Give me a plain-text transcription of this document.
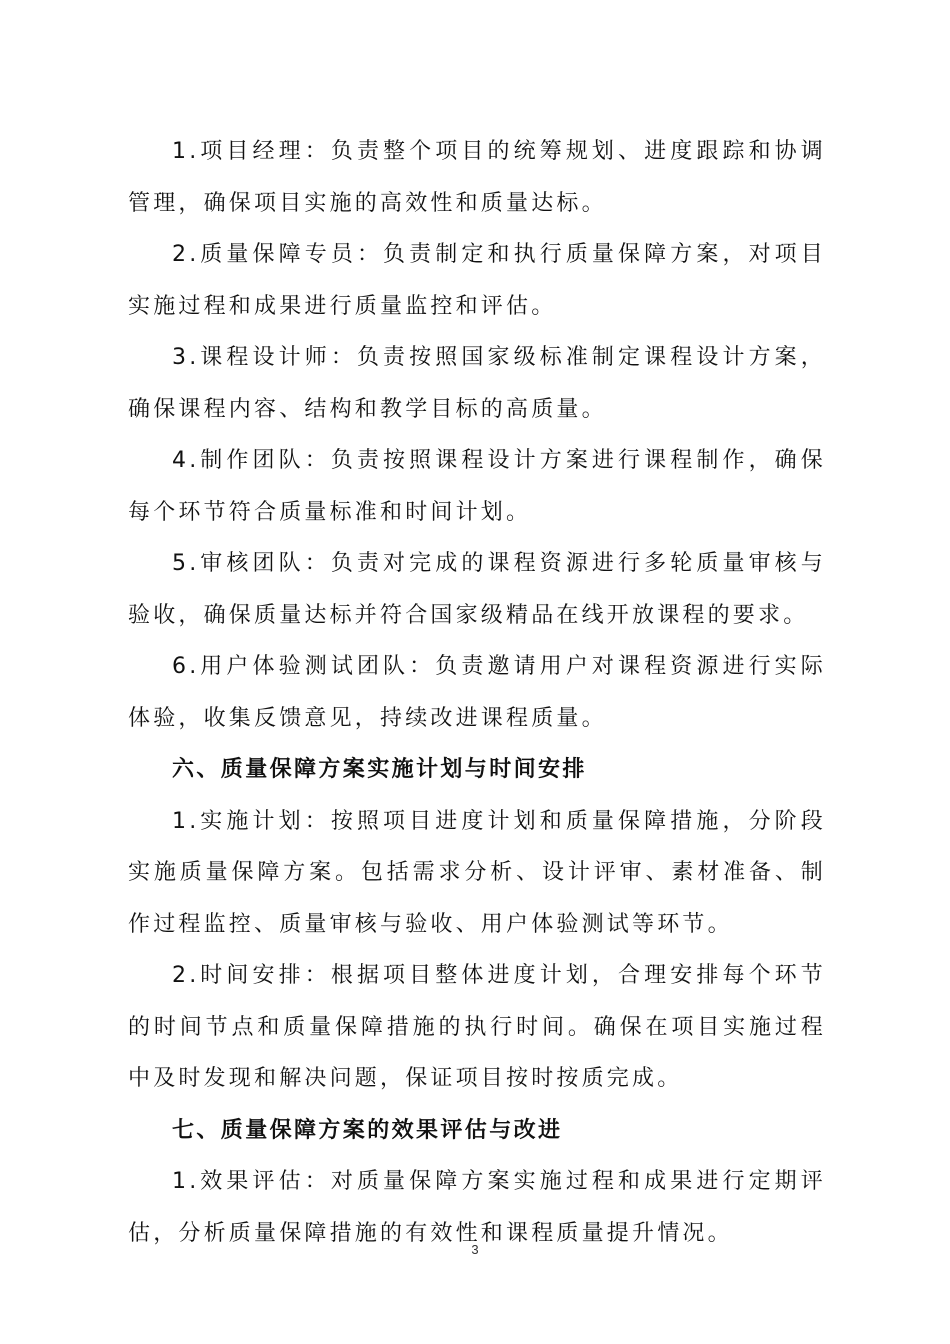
1.项目经理：负责整个项目的统筹规划、进度跟踪和协调管理，确保项目实施的高效性和质量达标。

2.质量保障专员：负责制定和执行质量保障方案，对项目实施过程和成果进行质量监控和评估。

3.课程设计师：负责按照国家级标准制定课程设计方案，确保课程内容、结构和教学目标的高质量。

4.制作团队：负责按照课程设计方案进行课程制作，确保每个环节符合质量标准和时间计划。

5.审核团队：负责对完成的课程资源进行多轮质量审核与验收，确保质量达标并符合国家级精品在线开放课程的要求。

6.用户体验测试团队：负责邀请用户对课程资源进行实际体验，收集反馈意见，持续改进课程质量。

六、质量保障方案实施计划与时间安排

1.实施计划：按照项目进度计划和质量保障措施，分阶段实施质量保障方案。包括需求分析、设计评审、素材准备、制作过程监控、质量审核与验收、用户体验测试等环节。

2.时间安排：根据项目整体进度计划，合理安排每个环节的时间节点和质量保障措施的执行时间。确保在项目实施过程中及时发现和解决问题，保证项目按时按质完成。

七、质量保障方案的效果评估与改进

1.效果评估：对质量保障方案实施过程和成果进行定期评估，分析质量保障措施的有效性和课程质量提升情况。

3
